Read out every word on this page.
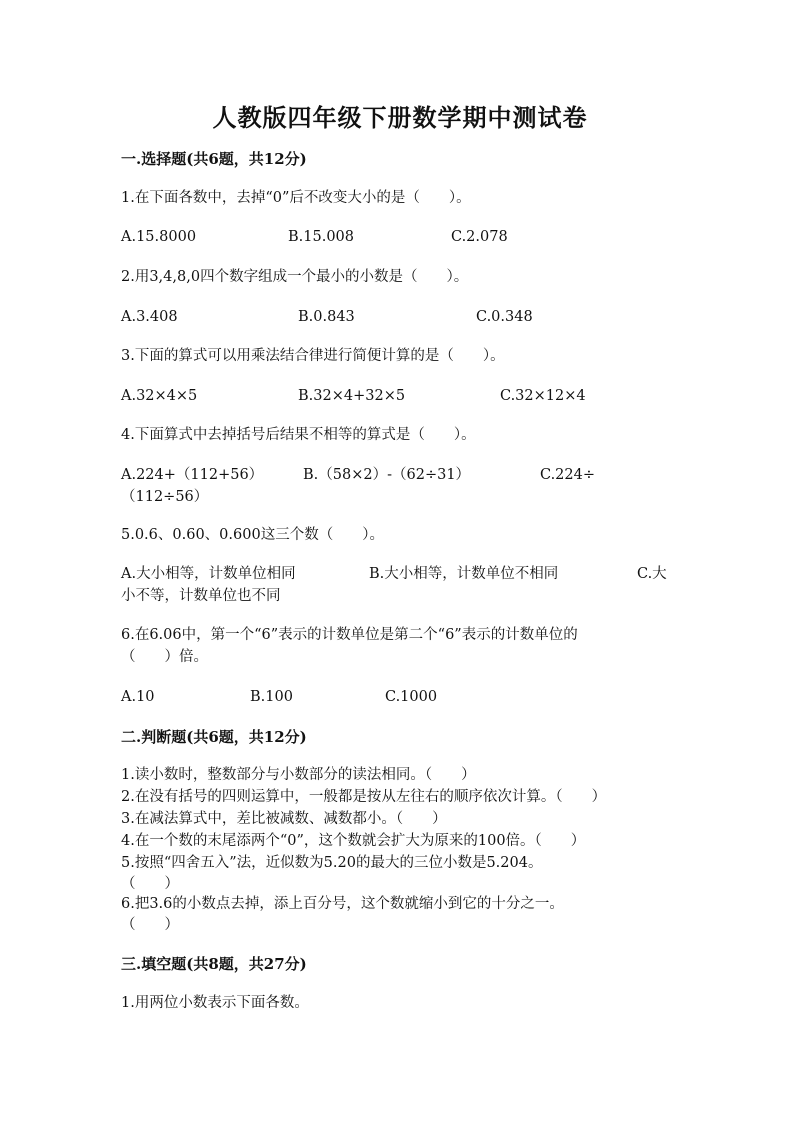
人教版四年级下册数学期中测试卷
一.选择题(共6题，共12分)
1.在下面各数中，去掉“0”后不改变大小的是（　　）。
A.15.8000	B.15.008	C.2.078
2.用3,4,8,0四个数字组成一个最小的小数是（　　）。
A.3.408	B.0.843	C.0.348
3.下面的算式可以用乘法结合律进行简便计算的是（　　）。
A.32×4×5	B.32×4+32×5	C.32×12×4
4.下面算式中去掉括号后结果不相等的算式是（　　）。
A.224+（112+56）	B.（58×2）-（62÷31）	C.224÷
（112÷56）
5.0.6、0.60、0.600这三个数（　　）。
A.大小相等，计数单位相同	B.大小相等，计数单位不相同	C.大
小不等，计数单位也不同
6.在6.06中，第一个“6”表示的计数单位是第二个“6”表示的计数单位的
（　　）倍。
A.10	B.100	C.1000
二.判断题(共6题，共12分)
1.读小数时，整数部分与小数部分的读法相同。（　　）
2.在没有括号的四则运算中，一般都是按从左往右的顺序依次计算。（　　）
3.在减法算式中，差比被减数、减数都小。（　　）
4.在一个数的末尾添两个“0”，这个数就会扩大为原来的100倍。（　　）
5.按照“四舍五入”法，近似数为5.20的最大的三位小数是5.204。
（　　）
6.把3.6的小数点去掉，添上百分号，这个数就缩小到它的十分之一。
（　　）
三.填空题(共8题，共27分)
1.用两位小数表示下面各数。
